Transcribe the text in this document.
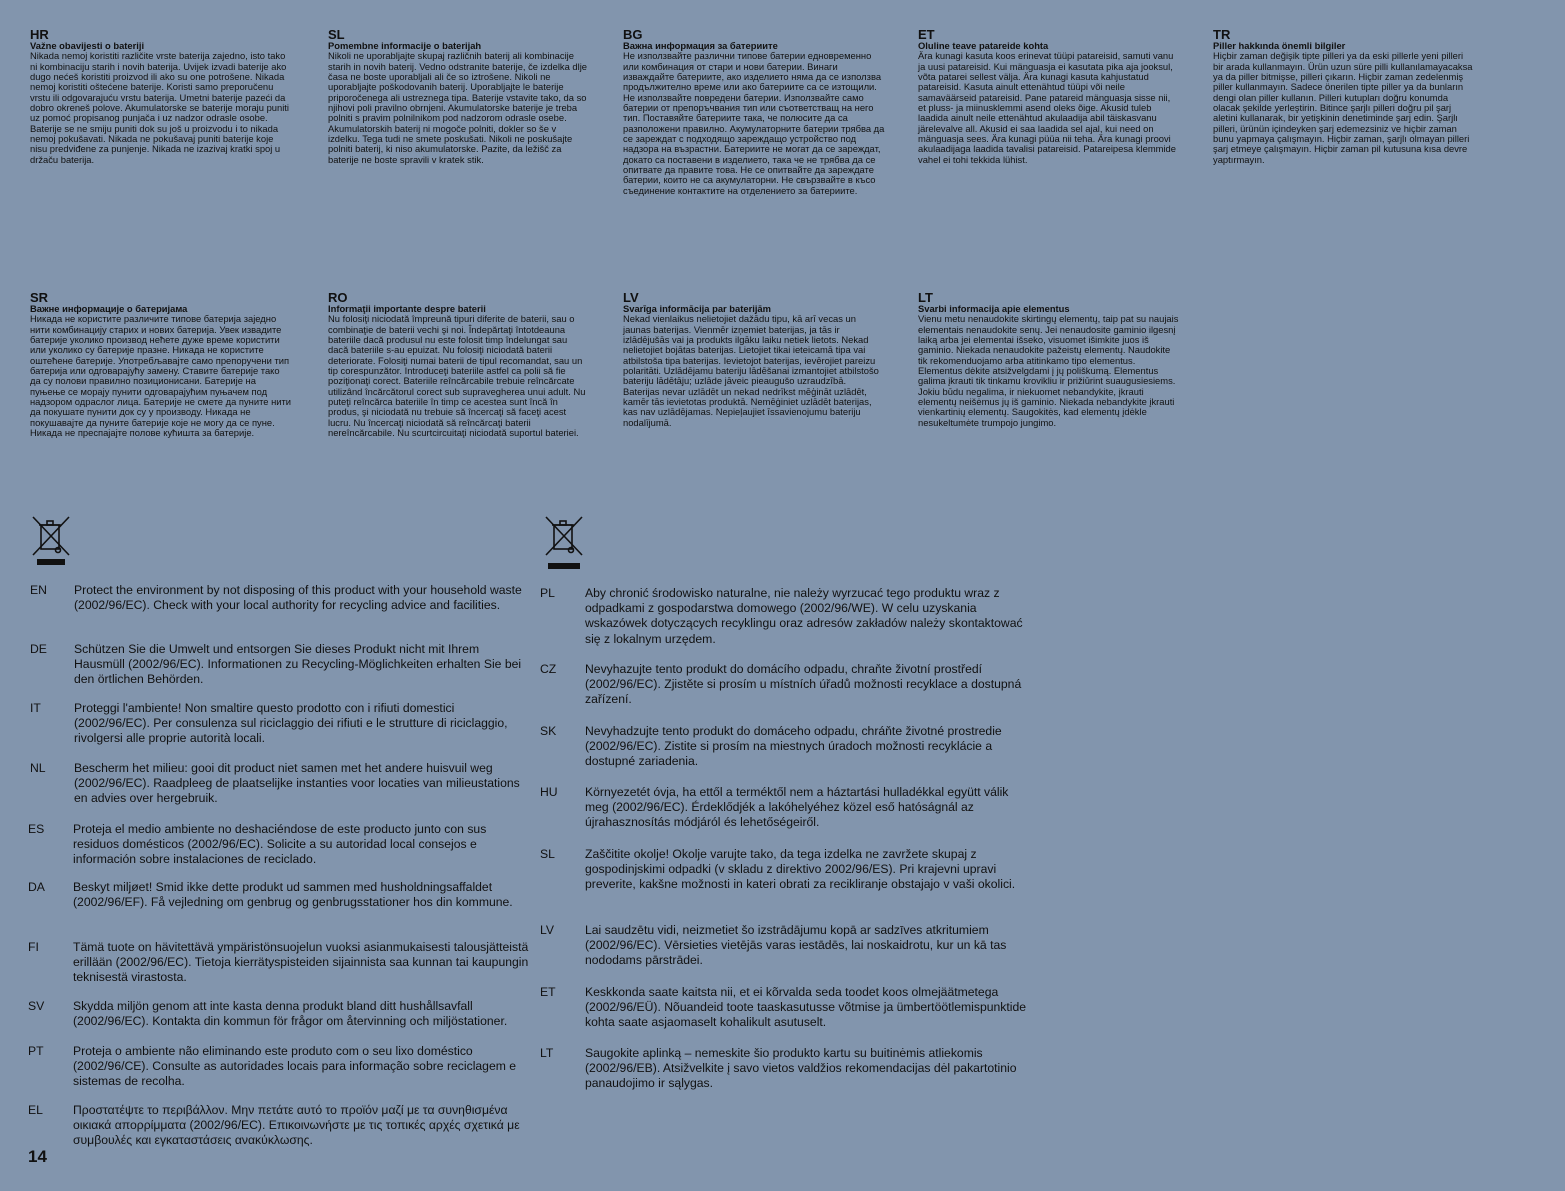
HR
Važne obavijesti o bateriji
Nikada nemoj koristiti različite vrste baterija zajedno, isto tako ni kombinaciju starih i novih baterija. Uvijek izvadi baterije ako dugo nećeš koristiti proizvod ili ako su one potrošene. Nikada nemoj koristiti oštećene baterije. Koristi samo preporučenu vrstu ili odgovarajuću vrstu baterija. Umetni baterije pazeći da dobro okreneš polove. Akumulatorske se baterije moraju puniti uz pomoć propisanog punjača i uz nadzor odrasle osobe. Baterije se ne smiju puniti dok su još u proizvodu i to nikada nemoj pokušavati. Nikada ne pokušavaj puniti baterije koje nisu predviđene za punjenje. Nikada ne izazivaj kratki spoj u držaču baterija.
SL
Pomembne informacije o baterijah
Nikoli ne uporabljajte skupaj različnih baterij ali kombinacije starih in novih baterij. Vedno odstranite baterije, če izdelka dlje časa ne boste uporabljali ali če so iztrošene. Nikoli ne uporabljajte poškodovanih baterij. Uporabljajte le baterije priporočenega ali ustreznega tipa. Baterije vstavite tako, da so njihovi poli pravilno obrnjeni. Akumulatorske baterije je treba polniti s pravim polnilnikom pod nadzorom odrasle osebe. Akumulatorskih baterij ni mogoče polniti, dokler so še v izdelku. Tega tudi ne smete poskušati. Nikoli ne poskušajte polniti baterij, ki niso akumulatorske. Pazite, da ležišč za baterije ne boste spravili v kratek stik.
BG
Важна информация за батериите
Не използвайте различни типове батерии едновременно или комбинация от стари и нови батерии. Винаги изваждайте батериите, ако изделието няма да се използва продължително време или ако батериите са се изтощили. Не използвайте повредени батерии. Използвайте само батерии от препоръчвания тип или съответстващ на него тип. Поставяйте батериите така, че полюсите да са разположени правилно. Акумулаторните батерии трябва да се зареждат с подходящо зареждащо устройство под надзора на възрастни. Батериите не могат да се зареждат, докато са поставени в изделието, така че не трябва да се опитвате да правите това. Не се опитвайте да зареждате батерии, които не са акумулаторни. Не свързвайте в късо съединение контактите на отделението за батериите.
ET
Oluline teave patareide kohta
Ära kunagi kasuta koos erinevat tüüpi patareisid, samuti vanu ja uusi patareisid. Kui mänguasja ei kasutata pika aja jooksul, võta patarei sellest välja. Ära kunagi kasuta kahjustatud patareisid. Kasuta ainult ettenähtud tüüpi või neile samaväärseid patareisid. Pane patareid mänguasja sisse nii, et pluss- ja miinusklemmi asend oleks õige. Akusid tuleb laadida ainult neile ettenähtud akulaadija abil täiskasvanu järelevalve all. Akusid ei saa laadida sel ajal, kui need on mänguasja sees. Ära kunagi püüa nii teha. Ära kunagi proovi akulaadijaga laadida tavalisi patareisid. Patareipesa klemmide vahel ei tohi tekkida lühist.
TR
Piller hakkında önemli bilgiler
Hiçbir zaman değişik tipte pilleri ya da eski pillerle yeni pilleri bir arada kullanmayın. Ürün uzun süre pilli kullanılamayacaksa ya da piller bitmişse, pilleri çıkarın. Hiçbir zaman zedelenmiş piller kullanmayın. Sadece önerilen tipte piller ya da bunların dengi olan piller kullanın. Pilleri kutupları doğru konumda olacak şekilde yerleştirin. Bitince şarjlı pilleri doğru pil şarj aletini kullanarak, bir yetişkinin denetiminde şarj edin. Şarjlı pilleri, ürünün içindeyken şarj edemezsiniz ve hiçbir zaman bunu yapmaya çalışmayın. Hiçbir zaman, şarjlı olmayan pilleri şarj etmeye çalışmayın. Hiçbir zaman pil kutusuna kısa devre yaptırmayın.
SR
Важне информације о батеријама
Никада не користите различите типове батерија заједно нити комбинацију старих и нових батерија. Увек извадите батерије уколико производ нећете дуже време користити или уколико су батерије празне. Никада не користите оштећене батерије. Употребљавајте само препоручени тип батерија или одговарајућу замену. Ставите батерије тако да су полови правилно позиционисани. Батерије на пуњење се морају пунити одговарајућим пуњачем под надзором одраслог лица. Батерије не смете да пуните нити да покушате пунити док су у производу. Никада не покушавајте да пуните батерије које не могу да се пуне. Никада не преспајајте полове кућишта за батерије.
RO
Informaţii importante despre baterii
Nu folosiţi niciodată împreună tipuri diferite de baterii, sau o combinaţie de baterii vechi şi noi. Îndepărtaţi întotdeauna bateriile dacă produsul nu este folosit timp îndelungat sau dacă bateriile s-au epuizat. Nu folosiţi niciodată baterii deteriorate. Folosiţi numai baterii de tipul recomandat, sau un tip corespunzător. Introduceţi bateriile astfel ca polii să fie poziţionaţi corect. Bateriile reîncărcabile trebuie reîncărcate utilizând încărcătorul corect sub supravegherea unui adult. Nu puteţi reîncărca bateriile în timp ce acestea sunt încă în produs, şi niciodată nu trebuie să încercaţi să faceţi acest lucru. Nu încercaţi niciodată să reîncărcaţi baterii nereîncărcabile. Nu scurtcircuitaţi niciodată suportul bateriei.
LV
Svarīga informācija par baterijām
Nekad vienlaikus nelietojiet dažādu tipu, kā arī vecas un jaunas baterijas. Vienmēr izņemiet baterijas, ja tās ir izlādējušās vai ja produkts ilgāku laiku netiek lietots. Nekad nelietojiet bojātas baterijas. Lietojiet tikai ieteicamā tipa vai atbilstoša tipa baterijas. Ievietojot baterijas, ievērojiet pareizu polaritāti. Uzlādējamu bateriju lādēšanai izmantojiet atbilstošo bateriju lādētāju; uzlāde jāveic pieaugušo uzraudzībā. Baterijas nevar uzlādēt un nekad nedrīkst mēģināt uzlādēt, kamēr tās ievietotas produktā. Nemēģiniet uzlādēt baterijas, kas nav uzlādējamas. Nepieļaujiet īssavienojumu bateriju nodalījumā.
LT
Svarbi informacija apie elementus
Vienu metu nenaudokite skirtingų elementų, taip pat su naujais elementais nenaudokite senų. Jei nenaudosite gaminio ilgesnį laiką arba jei elementai išseko, visuomet išimkite juos iš gaminio. Niekada nenaudokite pažeistų elementų. Naudokite tik rekomenduojamo arba atitinkamo tipo elementus. Elementus dėkite atsižvelgdami į jų poliškumą. Elementus galima įkrauti tik tinkamu krovikliu ir prižiūrint suaugusiesiems. Jokiu būdu negalima, ir niekuomet nebandykite, įkrauti elementų neišėmus jų iš gaminio. Niekada nebandykite įkrauti vienkartinių elementų. Saugokitės, kad elementų įdėkle nesukeltumėte trumpojo jungimo.
EN Protect the environment by not disposing of this product with your household waste (2002/96/EC). Check with your local authority for recycling advice and facilities.
DE Schützen Sie die Umwelt und entsorgen Sie dieses Produkt nicht mit Ihrem Hausmüll (2002/96/EC). Informationen zu Recycling-Möglichkeiten erhalten Sie bei den örtlichen Behörden.
IT	Proteggi l'ambiente! Non smaltire questo prodotto con i rifiuti domestici (2002/96/EC). Per consulenza sul riciclaggio dei rifiuti e le strutture di riciclaggio, rivolgersi alle proprie autorità locali.
NL Bescherm het milieu: gooi dit product niet samen met het andere huisvuil weg (2002/96/EC). Raadpleeg de plaatselijke instanties voor locaties van milieustations en advies over hergebruik.
ES Proteja el medio ambiente no deshaciéndose de este producto junto con sus residuos domésticos (2002/96/EC). Solicite a su autoridad local consejos e información sobre instalaciones de reciclado.
DA Beskyt miljøet! Smid ikke dette produkt ud sammen med husholdningsaffaldet (2002/96/EF). Få vejledning om genbrug og genbrugsstationer hos din kommune.
FI	Tämä tuote on hävitettävä ympäristönsuojelun vuoksi asianmukaisesti talousjätteistä erillään (2002/96/EC). Tietoja kierrätyspisteiden sijainnista saa kunnan tai kaupungin teknisestä virastosta.
SV Skydda miljön genom att inte kasta denna produkt bland ditt hushållsavfall (2002/96/EC). Kontakta din kommun för frågor om återvinning och miljöstationer.
PT Proteja o ambiente não eliminando este produto com o seu lixo doméstico (2002/96/CE). Consulte as autoridades locais para informação sobre reciclagem e sistemas de recolha.
EL Προστατέψτε το περιβάλλον. Μην πετάτε αυτό το προϊόν μαζί με τα συνηθισμένα οικιακά απορρίμματα (2002/96/EC). Επικοινωνήστε με τις τοπικές αρχές σχετικά με συμβουλές και εγκαταστάσεις ανακύκλωσης.
PL Aby chronić środowisko naturalne, nie należy wyrzucać tego produktu wraz z odpadkami z gospodarstwa domowego (2002/96/WE). W celu uzyskania wskazówek dotyczących recyklingu oraz adresów zakładów należy skontaktować się z lokalnym urzędem.
CZ Nevyhazujte tento produkt do domácího odpadu, chraňte životní prostředí (2002/96/EC). Zjistěte si prosím u místních úřadů možnosti recyklace a dostupná zařízení.
SK Nevyhadzujte tento produkt do domáceho odpadu, chráňte životné prostredie (2002/96/EC). Zistite si prosím na miestnych úradoch možnosti recyklácie a dostupné zariadenia.
HU Környezetét óvja, ha ettől a terméktől nem a háztartási hulladékkal együtt válik meg (2002/96/EC). Érdeklődjék a lakóhelyéhez közel eső hatóságnál az újrahasznosítás módjáról és lehetőségeiről.
SL Zaščitite okolje! Okolje varujte tako, da tega izdelka ne zavržete skupaj z gospodinjskimi odpadki (v skladu z direktivo 2002/96/ES). Pri krajevni upravi preverite, kakšne možnosti in kateri obrati za recikliranje obstajajo v vaši okolici.
LV	Lai saudzētu vidi, neizmetiet šo izstrādājumu kopā ar sadzīves atkritumiem (2002/96/EC). Vērsieties vietējās varas iestādēs, lai noskaidrotu, kur un kā tas nododams pārstrādei.
ET Keskkonda saate kaitsta nii, et ei kõrvalda seda toodet koos olmejäätmetega (2002/96/EÜ). Nõuandeid toote taaskasutusse võtmise ja ümbertöötlemispunktide kohta saate asjaomaselt kohalikult asutuselt.
LT	Saugokite aplinką – nemeskite šio produkto kartu su buitinėmis atliekomis (2002/96/EB). Atsižvelkite į savo vietos valdžios rekomendacijas dėl pakartotinio panaudojimo ir sąlygas.
14
